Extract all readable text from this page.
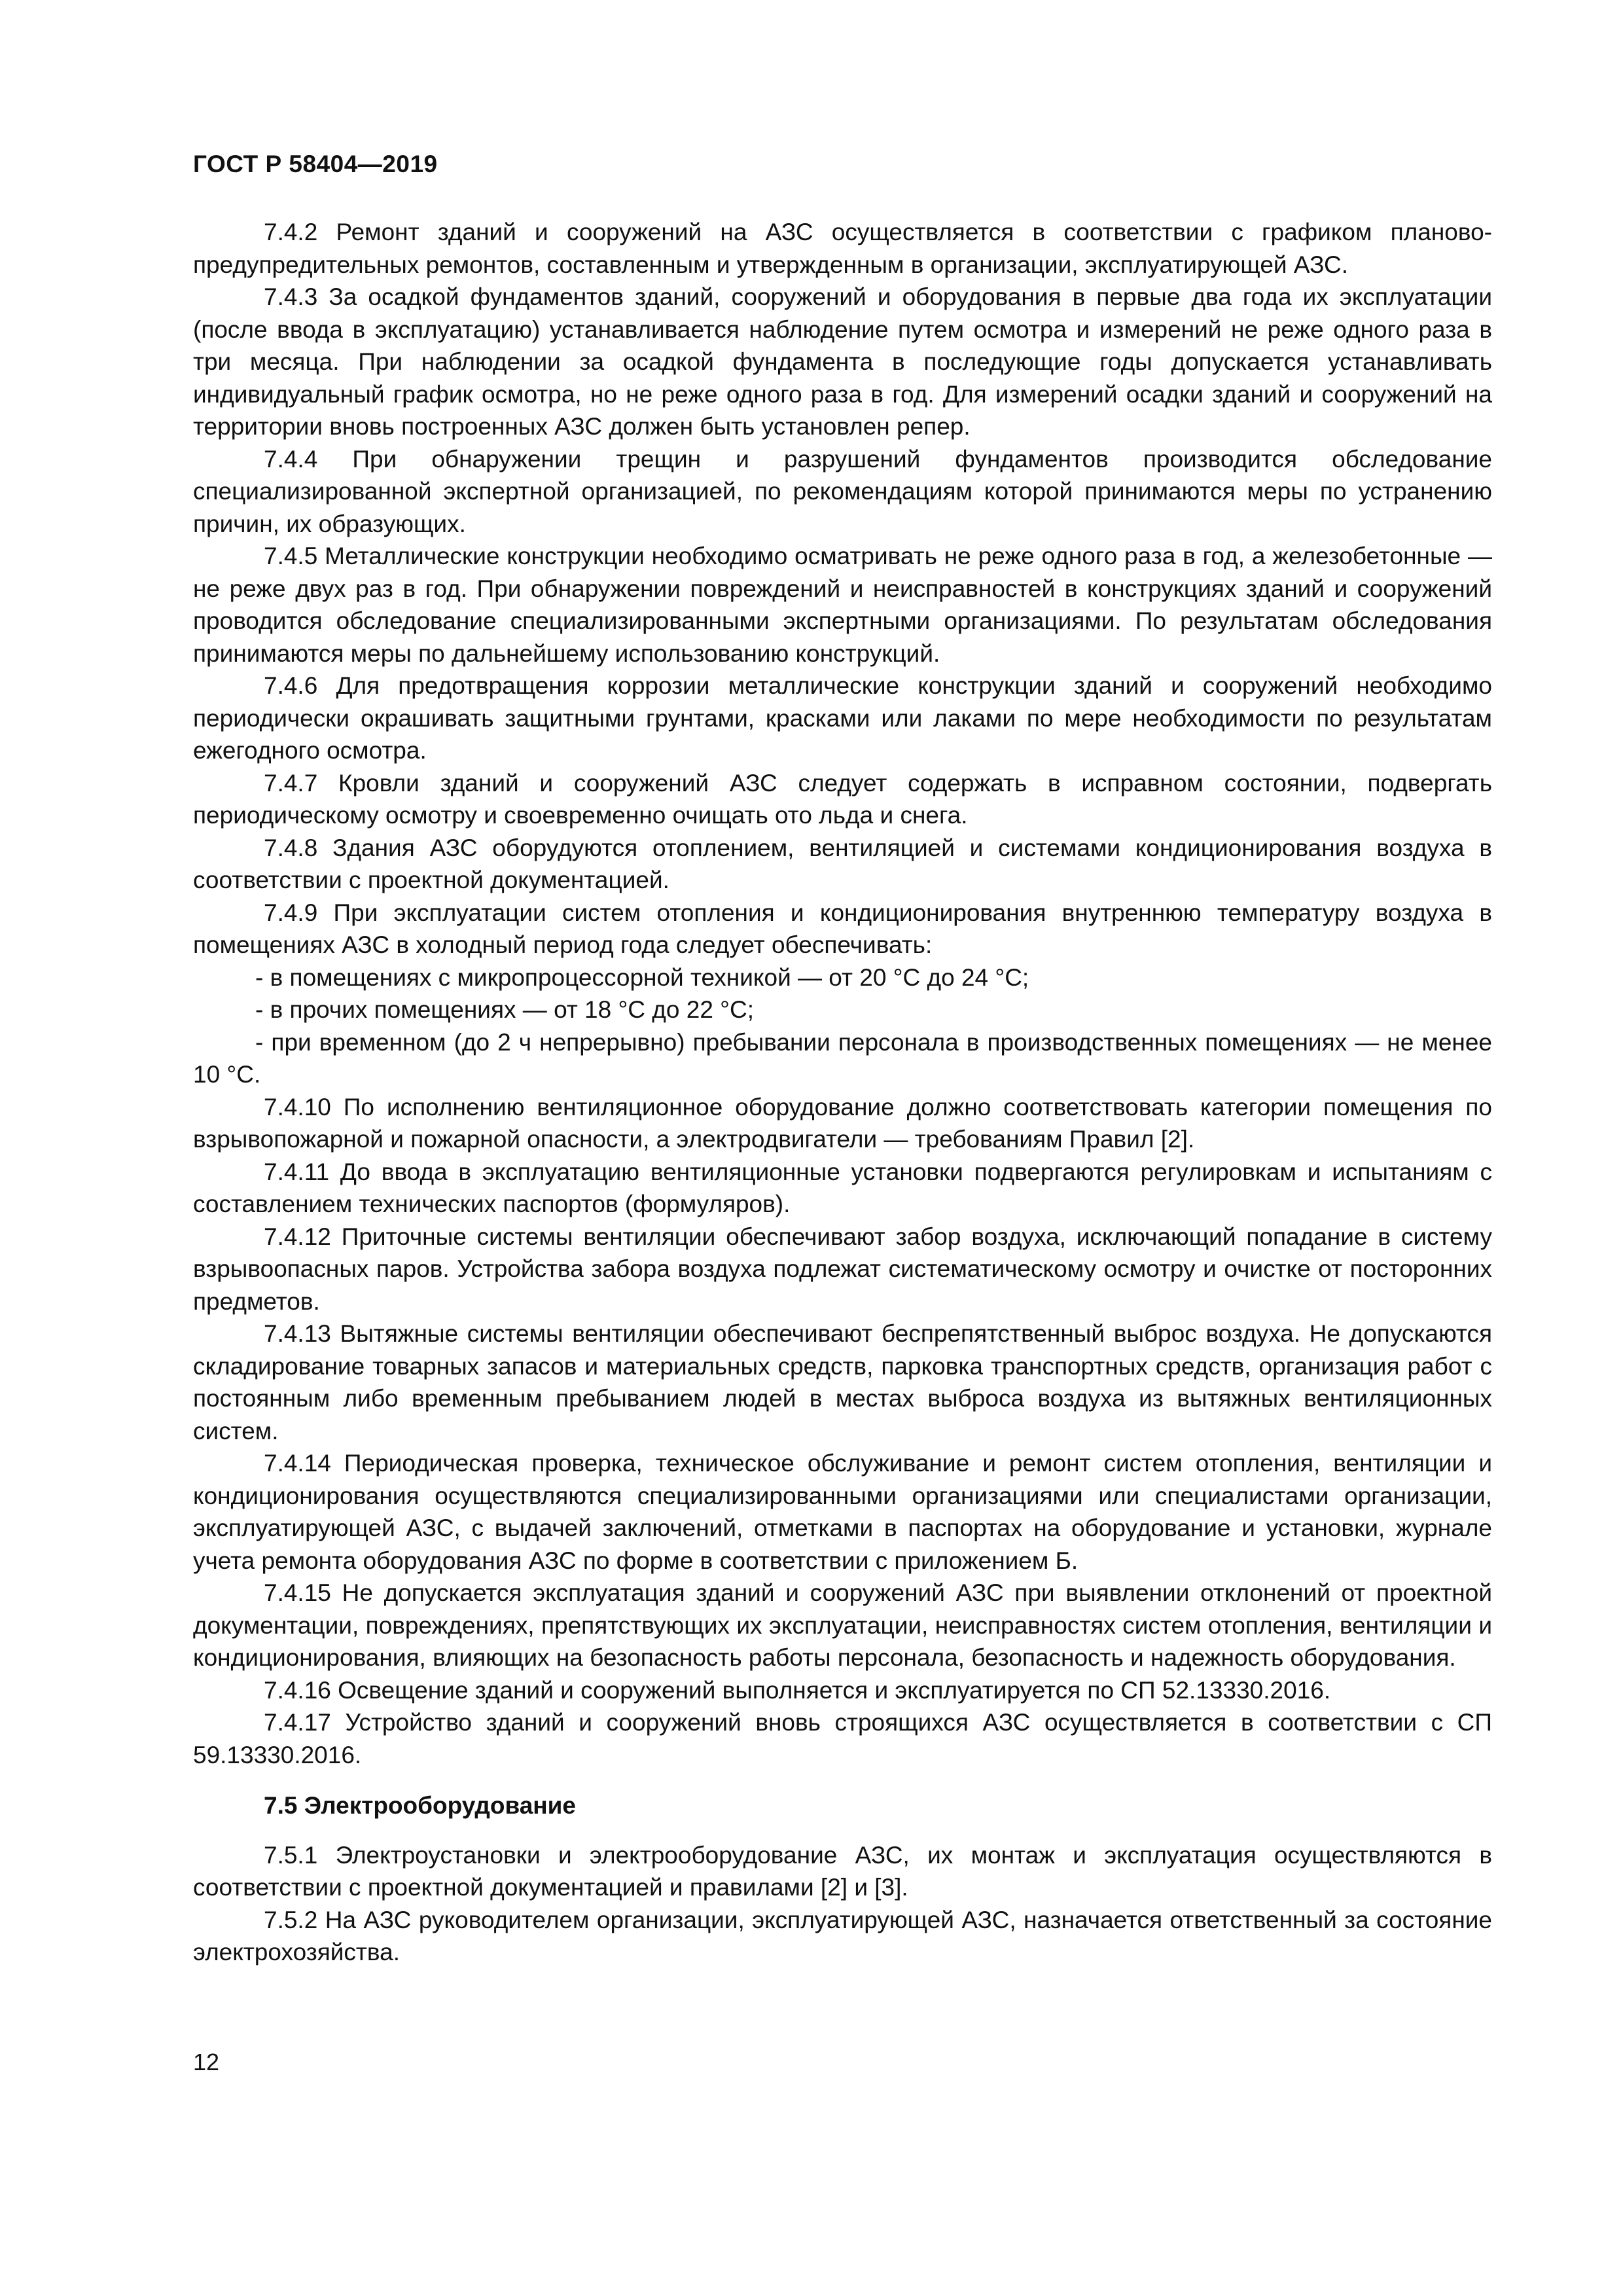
ГОСТ Р 58404—2019

7.4.2 Ремонт зданий и сооружений на АЗС осуществляется в соответствии с графиком планово-предупредительных ремонтов, составленным и утвержденным в организации, эксплуатирующей АЗС.

7.4.3 За осадкой фундаментов зданий, сооружений и оборудования в первые два года их эксплуатации (после ввода в эксплуатацию) устанавливается наблюдение путем осмотра и измерений не реже одного раза в три месяца. При наблюдении за осадкой фундамента в последующие годы допускается устанавливать индивидуальный график осмотра, но не реже одного раза в год. Для измерений осадки зданий и сооружений на территории вновь построенных АЗС должен быть установлен репер.

7.4.4 При обнаружении трещин и разрушений фундаментов производится обследование специализированной экспертной организацией, по рекомендациям которой принимаются меры по устранению причин, их образующих.

7.4.5 Металлические конструкции необходимо осматривать не реже одного раза в год, а железобетонные — не реже двух раз в год. При обнаружении повреждений и неисправностей в конструкциях зданий и сооружений проводится обследование специализированными экспертными организациями. По результатам обследования принимаются меры по дальнейшему использованию конструкций.

7.4.6 Для предотвращения коррозии металлические конструкции зданий и сооружений необходимо периодически окрашивать защитными грунтами, красками или лаками по мере необходимости по результатам ежегодного осмотра.

7.4.7 Кровли зданий и сооружений АЗС следует содержать в исправном состоянии, подвергать периодическому осмотру и своевременно очищать ото льда и снега.

7.4.8 Здания АЗС оборудуются отоплением, вентиляцией и системами кондиционирования воздуха в соответствии с проектной документацией.

7.4.9 При эксплуатации систем отопления и кондиционирования внутреннюю температуру воздуха в помещениях АЗС в холодный период года следует обеспечивать:

- в помещениях с микропроцессорной техникой — от 20 °С до 24 °С;

- в прочих помещениях — от 18 °С до 22 °С;

- при временном (до 2 ч непрерывно) пребывании персонала в производственных помещениях — не менее 10 °С.

7.4.10 По исполнению вентиляционное оборудование должно соответствовать категории помещения по взрывопожарной и пожарной опасности, а электродвигатели — требованиям Правил [2].

7.4.11 До ввода в эксплуатацию вентиляционные установки подвергаются регулировкам и испытаниям с составлением технических паспортов (формуляров).

7.4.12 Приточные системы вентиляции обеспечивают забор воздуха, исключающий попадание в систему взрывоопасных паров. Устройства забора воздуха подлежат систематическому осмотру и очистке от посторонних предметов.

7.4.13 Вытяжные системы вентиляции обеспечивают беспрепятственный выброс воздуха. Не допускаются складирование товарных запасов и материальных средств, парковка транспортных средств, организация работ с постоянным либо временным пребыванием людей в местах выброса воздуха из вытяжных вентиляционных систем.

7.4.14 Периодическая проверка, техническое обслуживание и ремонт систем отопления, вентиляции и кондиционирования осуществляются специализированными организациями или специалистами организации, эксплуатирующей АЗС, с выдачей заключений, отметками в паспортах на оборудование и установки, журнале учета ремонта оборудования АЗС по форме в соответствии с приложением Б.

7.4.15 Не допускается эксплуатация зданий и сооружений АЗС при выявлении отклонений от проектной документации, повреждениях, препятствующих их эксплуатации, неисправностях систем отопления, вентиляции и кондиционирования, влияющих на безопасность работы персонала, безопасность и надежность оборудования.

7.4.16 Освещение зданий и сооружений выполняется и эксплуатируется по СП 52.13330.2016.

7.4.17 Устройство зданий и сооружений вновь строящихся АЗС осуществляется в соответствии с СП 59.13330.2016.

7.5 Электрооборудование

7.5.1 Электроустановки и электрооборудование АЗС, их монтаж и эксплуатация осуществляются в соответствии с проектной документацией и правилами [2] и [3].

7.5.2 На АЗС руководителем организации, эксплуатирующей АЗС, назначается ответственный за состояние электрохозяйства.

12
